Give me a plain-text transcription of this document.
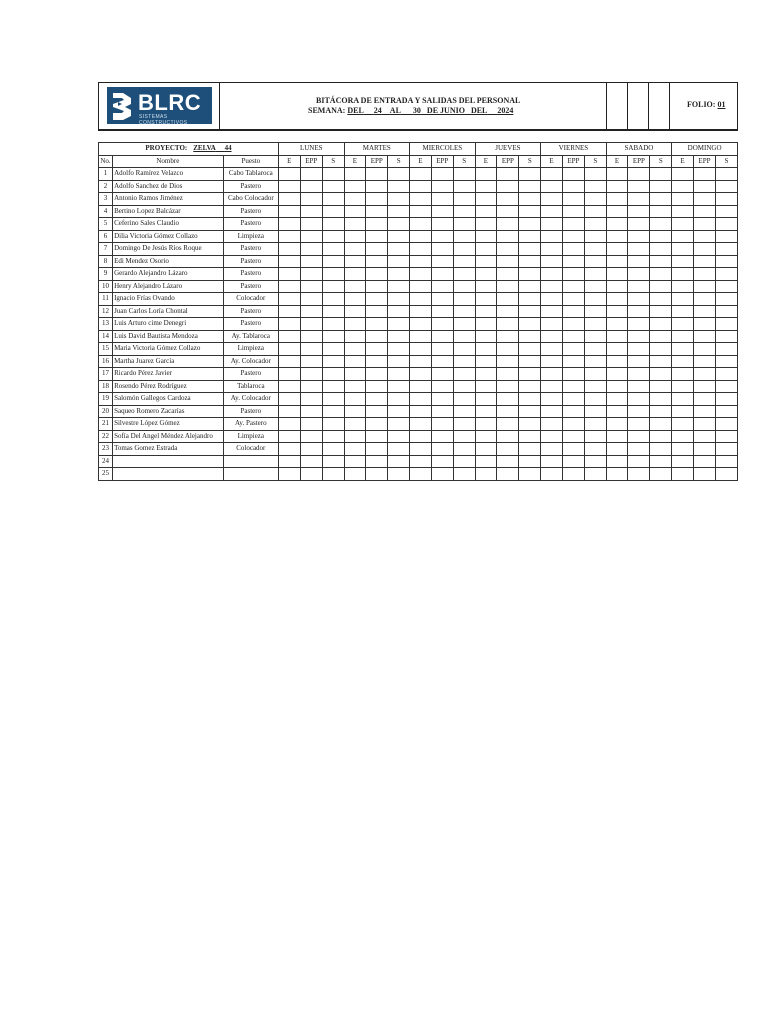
BLRC
SISTEMAS CONSTRUCTIVOS
BITÁCORA DE ENTRADA Y SALIDAS DEL PERSONAL
SEMANA: DEL 24 AL 30 DE JUNIO DEL 2024
FOLIO: 01
PROYECTO: ZELVA 44			LUNES			MARTES			MIERCOLES			JUEVES			VIERNES			SABADO			DOMINGO		
No.	Nombre	Puesto	E	EPP	S	E	EPP	S	E	EPP	S	E	EPP	S	E	EPP	S	E	EPP	S	E	EPP	S
1	Adolfo Ramírez Velazco	Cabo Tablaroca																					
2	Adolfo Sanchez de Dios	Pastero																					
3	Antonio Ramos Jiménez	Cabo Colocador																					
4	Bertino Lopez Balcázar	Pastero																					
5	Ceferino Sales Claudio	Pastero																					
6	Dilia Victoria Gómez Collazo	Limpieza																					
7	Domingo De Jesús Ríos Roque	Pastero																					
8	Edi Mendez Osorio	Pastero																					
9	Gerardo Alejandro Lázaro	Pastero																					
10	Henry Alejandro Lázaro	Pastero																					
11	Ignacio Frías Ovando	Colocador																					
12	Juan Carlos Loría Chontal	Pastero																					
13	Luis Arturo cime Denegri	Pastero																					
14	Luis David Bautista Mendoza	Ay. Tablaroca																					
15	Maria Victoria Gómez Collazo	Limpieza																					
16	Martha Juarez García	Ay. Colocador																					
17	Ricardo Pérez Javier	Pastero																					
18	Rosendo Pérez Rodríguez	Tablaroca																					
19	Salomón Gallegos Cardoza	Ay. Colocador																					
20	Saqueo Romero Zacarías	Pastero																					
21	Silvestre López Gómez	Ay. Pastero																					
22	Sofía Del Angel Méndez Alejandro	Limpieza																					
23	Tomas Gomez Estrada	Colocador																					
24																							
25																							
